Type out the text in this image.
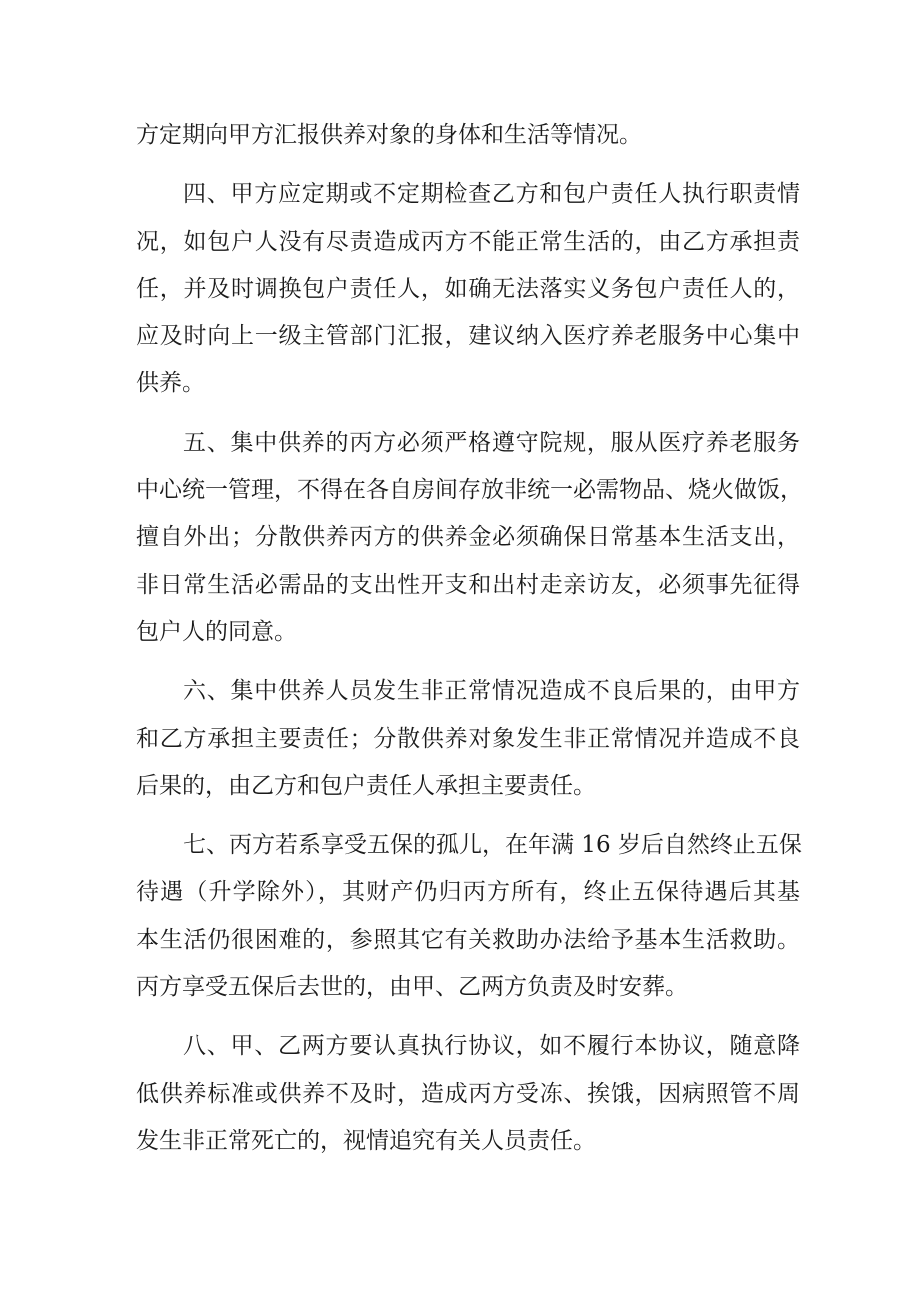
方定期向甲方汇报供养对象的身体和生活等情况。
四、甲方应定期或不定期检查乙方和包户责任人执行职责情
况，如包户人没有尽责造成丙方不能正常生活的，由乙方承担责
任，并及时调换包户责任人，如确无法落实义务包户责任人的，
应及时向上一级主管部门汇报，建议纳入医疗养老服务中心集中
供养。
五、集中供养的丙方必须严格遵守院规，服从医疗养老服务
中心统一管理，不得在各自房间存放非统一必需物品、烧火做饭，
擅自外出；分散供养丙方的供养金必须确保日常基本生活支出，
非日常生活必需品的支出性开支和出村走亲访友，必须事先征得
包户人的同意。
六、集中供养人员发生非正常情况造成不良后果的，由甲方
和乙方承担主要责任；分散供养对象发生非正常情况并造成不良
后果的，由乙方和包户责任人承担主要责任。
七、丙方若系享受五保的孤儿，在年满 16 岁后自然终止五保
待遇（升学除外），其财产仍归丙方所有，终止五保待遇后其基
本生活仍很困难的，参照其它有关救助办法给予基本生活救助。
丙方享受五保后去世的，由甲、乙两方负责及时安葬。
八、甲、乙两方要认真执行协议，如不履行本协议，随意降
低供养标准或供养不及时，造成丙方受冻、挨饿，因病照管不周
发生非正常死亡的，视情追究有关人员责任。
